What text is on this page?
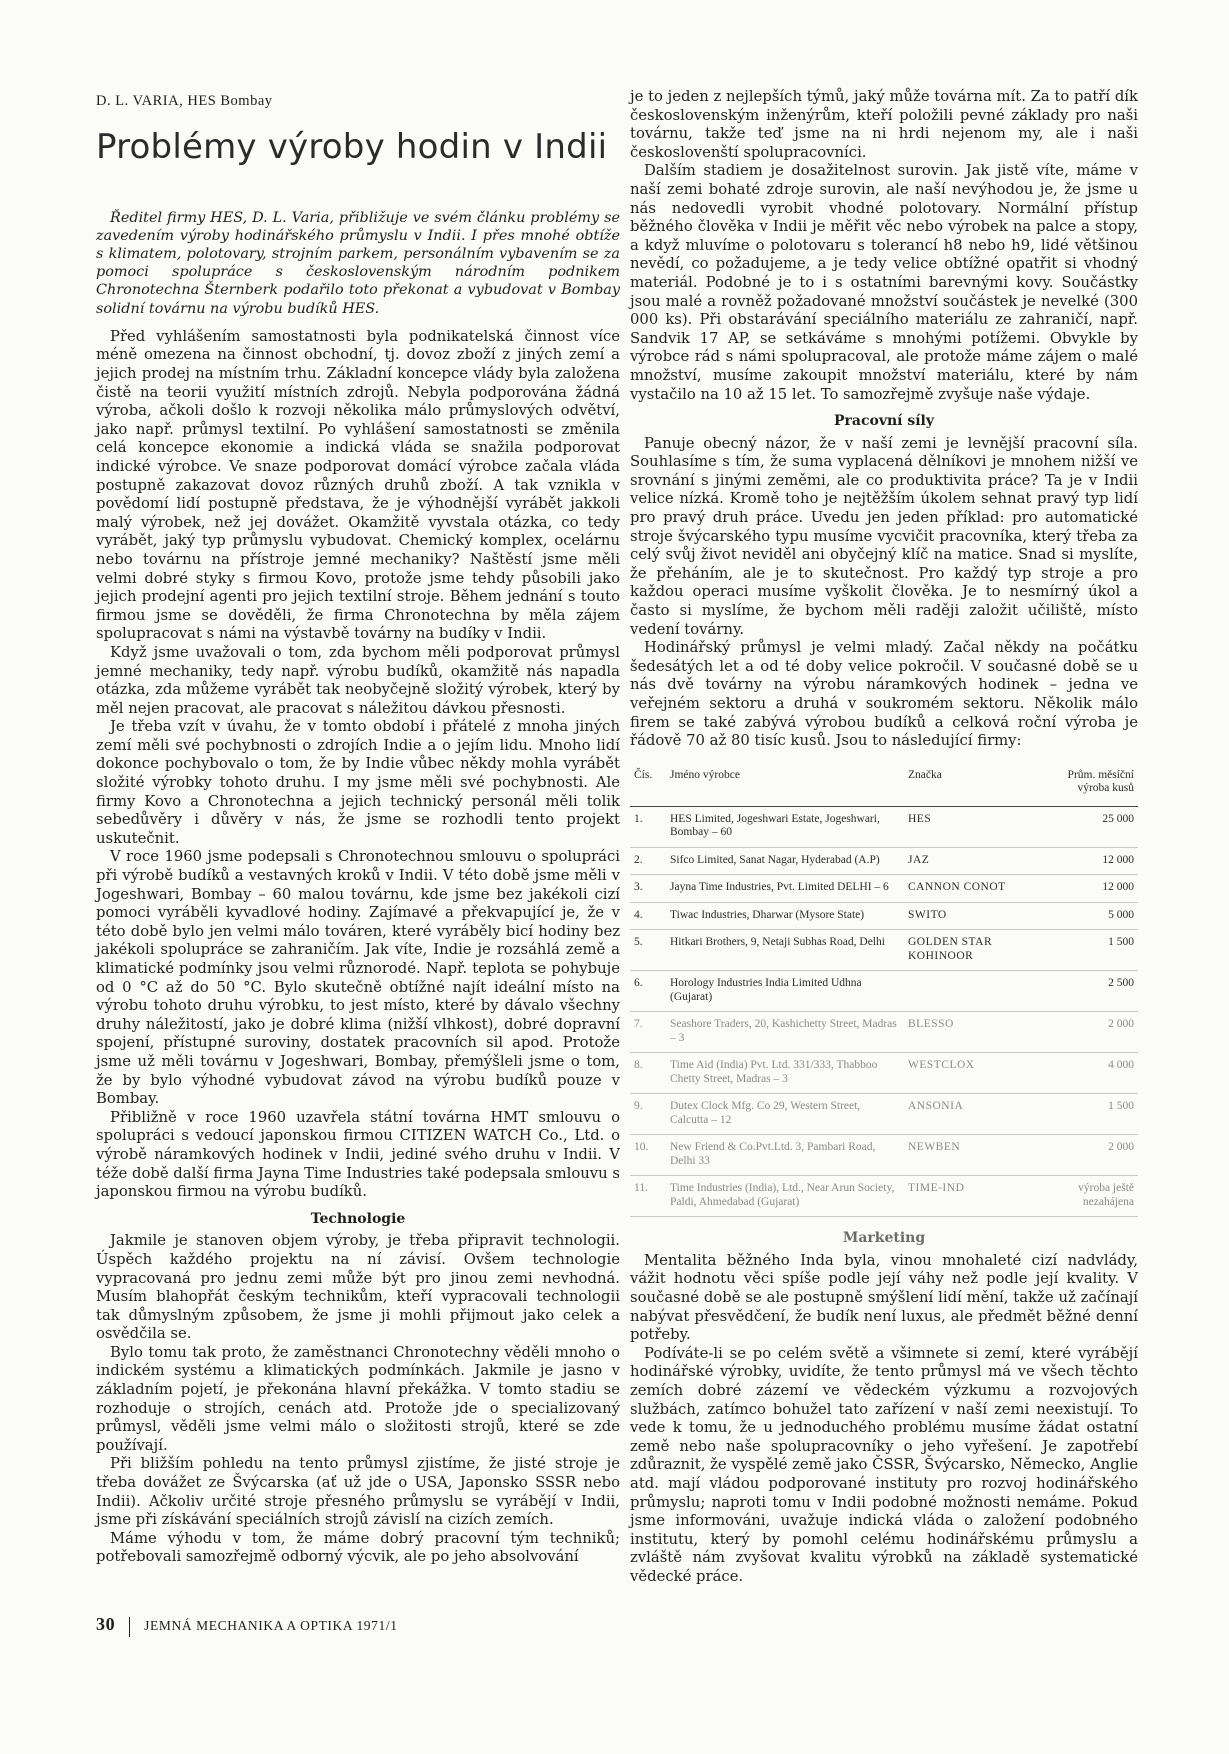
D. L. VARIA, HES Bombay
Problémy výroby hodin v Indii

Ředitel firmy HES, D. L. Varia, přibližuje ve svém článku problémy se zavedením výroby hodinářského průmyslu v Indii. I přes mnohé obtíže s klimatem, polotovary, strojním parkem, personálním vybavením se za pomoci spolupráce s československým národním podnikem Chronotechna Šternberk podařilo toto překonat a vybudovat v Bombay solidní továrnu na výrobu budíků HES.

Před vyhlášením samostatnosti byla podnikatelská činnost více méně omezena na činnost obchodní, tj. dovoz zboží z jiných zemí a jejich prodej na místním trhu. Základní koncepce vlády byla založena čistě na teorii využití místních zdrojů. Nebyla podporována žádná výroba, ačkoli došlo k rozvoji několika málo průmyslových odvětví, jako např. průmysl textilní. Po vyhlášení samostatnosti se změnila celá koncepce ekonomie a indická vláda se snažila podporovat indické výrobce. Ve snaze podporovat domácí výrobce začala vláda postupně zakazovat dovoz různých druhů zboží. A tak vznikla v povědomí lidí postupně představa, že je výhodnější vyrábět jakkoli malý výrobek, než jej dovážet. Okamžitě vyvstala otázka, co tedy vyrábět, jaký typ průmyslu vybudovat. Chemický komplex, ocelárnu nebo továrnu na přístroje jemné mechaniky? Naštěstí jsme měli velmi dobré styky s firmou Kovo, protože jsme tehdy působili jako jejich prodejní agenti pro jejich textilní stroje. Během jednání s touto firmou jsme se dověděli, že firma Chronotechna by měla zájem spolupracovat s námi na výstavbě továrny na budíky v Indii.

Když jsme uvažovali o tom, zda bychom měli podporovat průmysl jemné mechaniky, tedy např. výrobu budíků, okamžitě nás napadla otázka, zda můžeme vyrábět tak neobyčejně složitý výrobek, který by měl nejen pracovat, ale pracovat s náležitou dávkou přesnosti.

Je třeba vzít v úvahu, že v tomto období i přátelé z mnoha jiných zemí měli své pochybnosti o zdrojích Indie a o jejím lidu. Mnoho lidí dokonce pochybovalo o tom, že by Indie vůbec někdy mohla vyrábět složité výrobky tohoto druhu. I my jsme měli své pochybnosti. Ale firmy Kovo a Chronotechna a jejich technický personál měli tolik sebedůvěry i důvěry v nás, že jsme se rozhodli tento projekt uskutečnit.

V roce 1960 jsme podepsali s Chronotechnou smlouvu o spolupráci při výrobě budíků a vestavných kroků v Indii. V této době jsme měli v Jogeshwari, Bombay – 60 malou továrnu, kde jsme bez jakékoli cizí pomoci vyráběli kyvadlové hodiny. Zajímavé a překvapující je, že v této době bylo jen velmi málo továren, které vyráběly bicí hodiny bez jakékoli spolupráce se zahraničím. Jak víte, Indie je rozsáhlá země a klimatické podmínky jsou velmi různorodé. Např. teplota se pohybuje od 0 °C až do 50 °C. Bylo skutečně obtížné najít ideální místo na výrobu tohoto druhu výrobku, to jest místo, které by dávalo všechny druhy náležitostí, jako je dobré klima (nižší vlhkost), dobré dopravní spojení, přístupné suroviny, dostatek pracovních sil apod. Protože jsme už měli továrnu v Jogeshwari, Bombay, přemýšleli jsme o tom, že by bylo výhodné vybudovat závod na výrobu budíků pouze v Bombay.

Přibližně v roce 1960 uzavřela státní továrna HMT smlouvu o spolupráci s vedoucí japonskou firmou CITIZEN WATCH Co., Ltd. o výrobě náramkových hodinek v Indii, jediné svého druhu v Indii. V téže době další firma Jayna Time Industries také podepsala smlouvu s japonskou firmou na výrobu budíků.

Technologie

Jakmile je stanoven objem výroby, je třeba připravit technologii. Úspěch každého projektu na ní závisí. Ovšem technologie vypracovaná pro jednu zemi může být pro jinou zemi nevhodná. Musím blahopřát českým technikům, kteří vypracovali technologii tak důmyslným způsobem, že jsme ji mohli přijmout jako celek a osvědčila se.

Bylo tomu tak proto, že zaměstnanci Chronotechny věděli mnoho o indickém systému a klimatických podmínkách. Jakmile je jasno v základním pojetí, je překonána hlavní překážka. V tomto stadiu se rozhoduje o strojích, cenách atd. Protože jde o specializovaný průmysl, věděli jsme velmi málo o složitosti strojů, které se zde používají.

Při bližším pohledu na tento průmysl zjistíme, že jisté stroje je třeba dovážet ze Švýcarska (ať už jde o USA, Japonsko SSSR nebo Indii). Ačkoliv určité stroje přesného průmyslu se vyrábějí v Indii, jsme při získávání speciálních strojů závislí na cizích zemích.

Máme výhodu v tom, že máme dobrý pracovní tým techniků; potřebovali samozřejmě odborný výcvik, ale po jeho absolvování

je to jeden z nejlepších týmů, jaký může továrna mít. Za to patří dík československým inženýrům, kteří položili pevné základy pro naši továrnu, takže teď jsme na ni hrdi nejenom my, ale i naši českoslovenští spolupracovníci.

Dalším stadiem je dosažitelnost surovin. Jak jistě víte, máme v naší zemi bohaté zdroje surovin, ale naší nevýhodou je, že jsme u nás nedovedli vyrobit vhodné polotovary. Normální přístup běžného člověka v Indii je měřit věc nebo výrobek na palce a stopy, a když mluvíme o polotovaru s tolerancí h8 nebo h9, lidé většinou nevědí, co požadujeme, a je tedy velice obtížné opatřit si vhodný materiál. Podobné je to i s ostatními barevnými kovy. Součástky jsou malé a rovněž požadované množství součástek je nevelké (300 000 ks). Při obstarávání speciálního materiálu ze zahraničí, např. Sandvik 17 AP, se setkáváme s mnohými potížemi. Obvykle by výrobce rád s námi spolupracoval, ale protože máme zájem o malé množství, musíme zakoupit množství materiálu, které by nám vystačilo na 10 až 15 let. To samozřejmě zvyšuje naše výdaje.

Pracovní síly

Panuje obecný názor, že v naší zemi je levnější pracovní síla. Souhlasíme s tím, že suma vyplacená dělníkovi je mnohem nižší ve srovnání s jinými zeměmi, ale co produktivita práce? Ta je v Indii velice nízká. Kromě toho je nejtěžším úkolem sehnat pravý typ lidí pro pravý druh práce. Uvedu jen jeden příklad: pro automatické stroje švýcarského typu musíme vycvičit pracovníka, který třeba za celý svůj život neviděl ani obyčejný klíč na matice. Snad si myslíte, že přeháním, ale je to skutečnost. Pro každý typ stroje a pro každou operaci musíme vyškolit člověka. Je to nesmírný úkol a často si myslíme, že bychom měli raději založit učiliště, místo vedení továrny.

Hodinářský průmysl je velmi mladý. Začal někdy na počátku šedesátých let a od té doby velice pokročil. V současné době se u nás dvě továrny na výrobu náramkových hodinek – jedna ve veřejném sektoru a druhá v soukromém sektoru. Několik málo firem se také zabývá výrobou budíků a celková roční výroba je řádově 70 až 80 tisíc kusů. Jsou to následující firmy:

Čís.	Jméno výrobce	Značka	Prům. měsíční výroba kusů
1.	HES Limited, Jogeshwari Estate, Jogeshwari, Bombay – 60	HES	25 000
2.	Sifco Limited, Sanat Nagar, Hyderabad (A.P)	JAZ	12 000
3.	Jayna Time Industries, Pvt. Limited DELHI – 6	CANNON CONOT	12 000
4.	Tiwac Industries, Dharwar (Mysore State)	SWITO	5 000
5.	Hitkari Brothers, 9, Netaji Subhas Road, Delhi	GOLDEN STAR KOHINOOR	1 500
6.	Horology Industries India Limited Udhna (Gujarat)		2 500
7.	Seashore Traders, 20, Kashichetty Street, Madras – 3	BLESSO	2 000
8.	Time Aid (India) Pvt. Ltd. 331/333, Thabboo Chetty Street, Madras – 3	WESTCLOX	4 000
9.	Dutex Clock Mfg. Co 29, Western Street, Calcutta – 12	ANSONIA	1 500
10.	New Friend & Co.Pvt.Ltd. 3, Pambari Road, Delhi 33	NEWBEN	2 000
11.	Time Industries (India), Ltd., Near Arun Society, Paldi, Ahmedabad (Gujarat)	TIME-IND	výroba ještě nezahájena
Marketing

Mentalita běžného Inda byla, vinou mnohaleté cizí nadvlády, vážit hodnotu věci spíše podle její váhy než podle její kvality. V současné době se ale postupně smýšlení lidí mění, takže už začínají nabývat přesvědčení, že budík není luxus, ale předmět běžné denní potřeby.

Podíváte-li se po celém světě a všimnete si zemí, které vyrábějí hodinářské výrobky, uvidíte, že tento průmysl má ve všech těchto zemích dobré zázemí ve vědeckém výzkumu a rozvojových službách, zatímco bohužel tato zařízení v naší zemi neexistují. To vede k tomu, že u jednoduchého problému musíme žádat ostatní země nebo naše spolupracovníky o jeho vyřešení. Je zapotřebí zdůraznit, že vyspělé země jako ČSSR, Švýcarsko, Německo, Anglie atd. mají vládou podporované instituty pro rozvoj hodinářského průmyslu; naproti tomu v Indii podobné možnosti nemáme. Pokud jsme informováni, uvažuje indická vláda o založení podobného institutu, který by pomohl celému hodinářskému průmyslu a zvláště nám zvyšovat kvalitu výrobků na základě systematické vědecké práce.

30 JEMNÁ MECHANIKA A OPTIKA 1971/1
